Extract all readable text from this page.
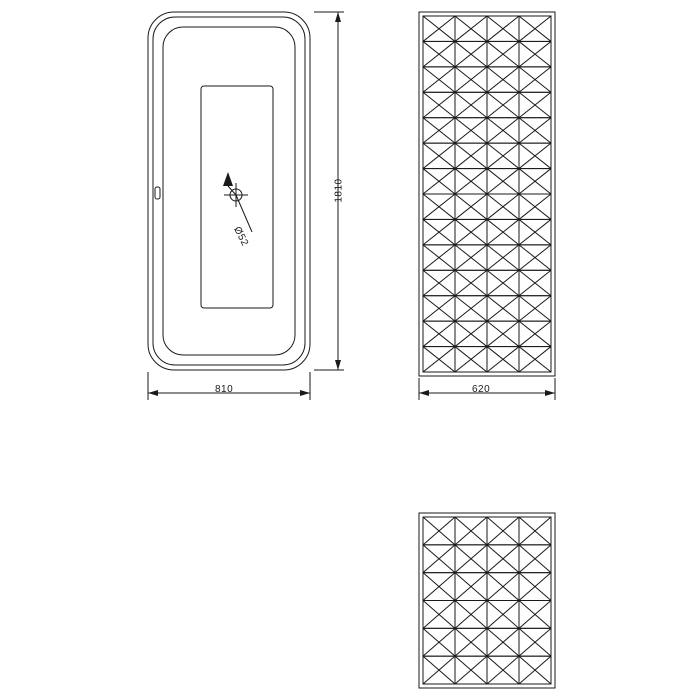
1810
810	620
Ø52
